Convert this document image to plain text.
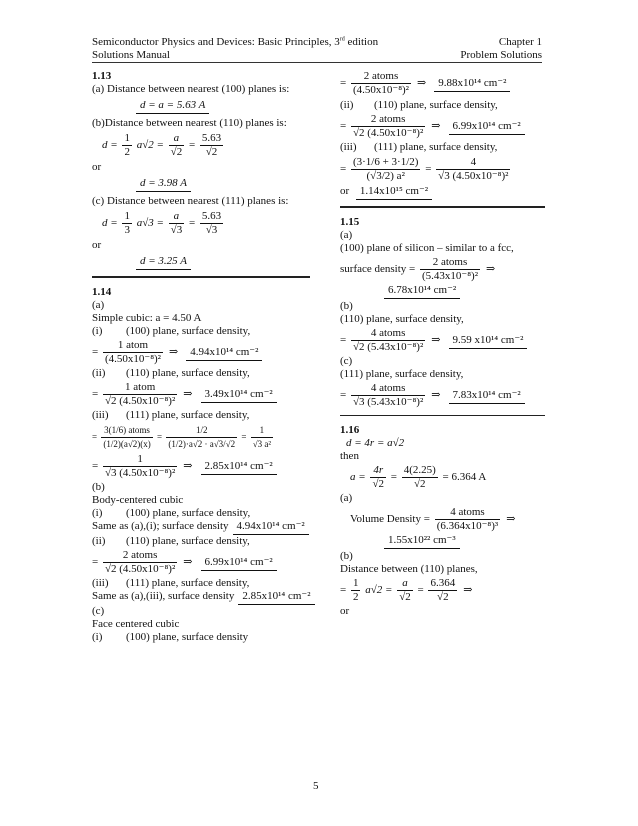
Semiconductor Physics and Devices: Basic Principles, 3rd edition	Chapter 1
Solutions Manual	Problem Solutions
1.13
(a) Distance between nearest (100) planes is:
d = a = 5.63 A
(b)Distance between nearest (110) planes is:
$d = \frac{1}{2} a√2 = \frac{a}{√2} = \frac{5.63}{√2}$
or
d = 3.98 A
(c) Distance between nearest (111) planes is:
$d = \frac{1}{3} a√3 = \frac{a}{√3} = \frac{5.63}{√3}$
or
d = 3.25 A
1.14
(a)
Simple cubic: a = 4.50 A
(i) (100) plane, surface density,
= $\frac{\text{1 atom}}{\text{(4.50x10⁻⁸)²}}$ ⇒ 4.94x10¹⁴ cm⁻²
(ii) (110) plane, surface density,
= $\frac{\text{1 atom}}{\text{√2 (4.50x10⁻⁸)²}}$ ⇒ 3.49x10¹⁴ cm⁻²
(iii) (111) plane, surface density,
= $\frac{\text{3(1/6) atoms}}{(1/2)(a√2)(x)} = \frac{1/2}{(1/2)\cdot a√2 \cdot a√3/√2} = \frac{1}{\text{√3 a²}}$
= $\frac{1}{\text{√3 (4.50x10⁻⁸)²}}$ ⇒ 2.85x10¹⁴ cm⁻²
(b)
Body-centered cubic
(i) (100) plane, surface density,
Same as (a),(i); surface density 4.94x10¹⁴ cm⁻²
(ii) (110) plane, surface density,
= $\frac{\text{2 atoms}}{\text{√2 (4.50x10⁻⁸)²}}$ ⇒ 6.99x10¹⁴ cm⁻²
(iii) (111) plane, surface density,
Same as (a),(iii), surface density 2.85x10¹⁴ cm⁻²
(c)
Face centered cubic
(i) (100) plane, surface density
= $\frac{\text{2 atoms}}{\text{(4.50x10⁻⁸)²}}$ ⇒ 9.88x10¹⁴ cm⁻²
(ii) (110) plane, surface density,
= $\frac{\text{2 atoms}}{\text{√2 (4.50x10⁻⁸)²}}$ ⇒ 6.99x10¹⁴ cm⁻²
(iii) (111) plane, surface density,
= $\frac{(3\cdot 1/6 + 3\cdot 1/2)}{\text{(√3/2) a²}} = \frac{4}{\text{√3 (4.50x10⁻⁸)²}}$
or 1.14x10¹⁵ cm⁻²
1.15
(a)
(100) plane of silicon – similar to a fcc,
surface density = $\frac{\text{2 atoms}}{\text{(5.43x10⁻⁸)²}}$ ⇒
6.78x10¹⁴ cm⁻²
(b)
(110) plane, surface density,
= $\frac{\text{4 atoms}}{\text{√2 (5.43x10⁻⁸)²}}$ ⇒ 9.59 x10¹⁴ cm⁻²
(c)
(111) plane, surface density,
= $\frac{\text{4 atoms}}{\text{√3 (5.43x10⁻⁸)²}}$ ⇒ 7.83x10¹⁴ cm⁻²
1.16
d = 4r = a√2
then
$a = \frac{4r}{√2} = \frac{4(2.25)}{√2} = 6.364$ A
(a)
Volume Density = $\frac{\text{4 atoms}}{\text{(6.364x10⁻⁸)³}}$ ⇒
1.55x10²² cm⁻³
(b)
Distance between (110) planes,
= $\frac{1}{2} a√2 = \frac{a}{√2} = \frac{6.364}{√2}$ ⇒
or
5
